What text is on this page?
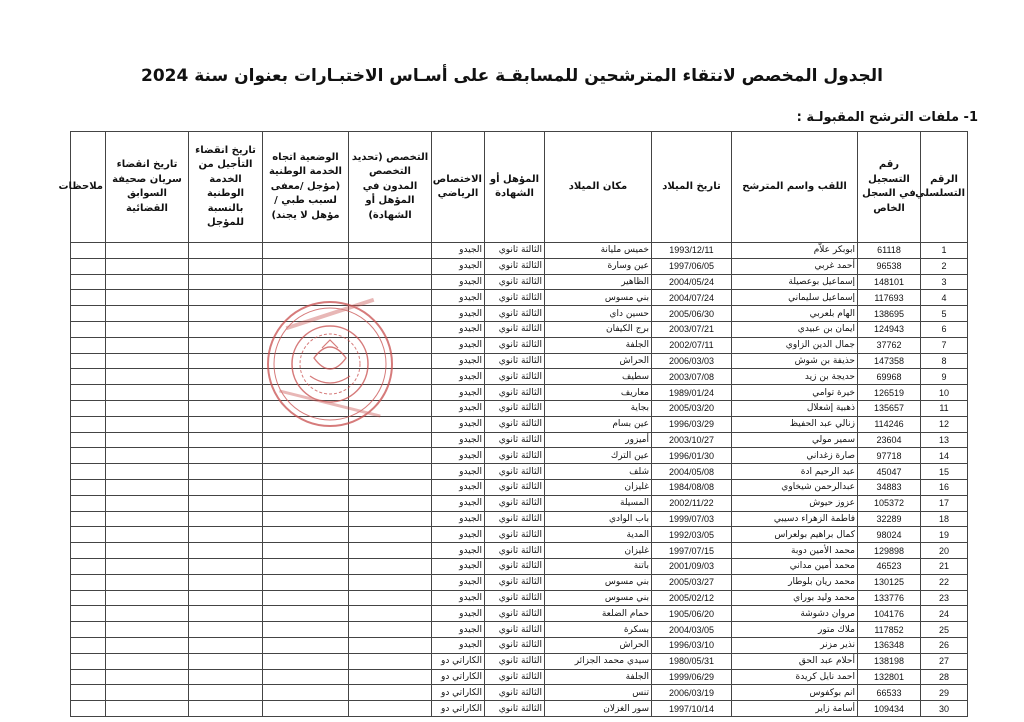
الجدول المخصص لانتقاء المترشحين للمسابقـة على أسـاس الاختبـارات بعنوان سنة 2024
1- ملفات الترشح المقبولـة :
الرقم التسلسلي	رقم التسجيل في السجل الخاص	اللقب واسم المترشح	تاريخ الميلاد	مكان الميلاد	المؤهل أو الشهادة	الاختصاص الرياضي	التخصص (تحديد التخصص المدون في المؤهل أو الشهادة)	الوضعية اتجاه الخدمة الوطنية (مؤجل /معفى لسبب طبي /مؤهل لا يجند)	تاريخ انقضاء التأجيل من الخدمة الوطنية بالنسبة للمؤجل	تاريخ انقضاء سريان صحيفة السوابق القضائية	ملاحظات
1	61118	ابوبكر علاّم	1993/12/11	خميس مليانة	الثالثة ثانوي	الجيدو					
2	96538	أحمد غربي	1997/06/05	عين وسارة	الثالثة ثانوي	الجيدو					
3	148101	إسماعيل بوعصيلة	2004/05/24	الظاهير	الثالثة ثانوي	الجيدو					
4	117693	إسماعيل سليماني	2004/07/24	بني مسوس	الثالثة ثانوي	الجيدو					
5	138695	الهام بلعربي	2005/06/30	حسين داي	الثالثة ثانوي	الجيدو					
6	124943	ايمان بن عبيدي	2003/07/21	برج الكيفان	الثالثة ثانوي	الجيدو					
7	37762	جمال الدين الزاوي	2002/07/11	الجلفة	الثالثة ثانوي	الجيدو					
8	147358	حذيفة بن شوش	2006/03/03	الحراش	الثالثة ثانوي	الجيدو					
9	69968	حديجة بن زيد	2003/07/08	سطيف	الثالثة ثانوي	الجيدو					
10	126519	خيرة توامي	1989/01/24	معاريف	الثالثة ثانوي	الجيدو					
11	135657	ذهبية إشعلال	2005/03/20	بجاية	الثالثة ثانوي	الجيدو					
12	114246	زنالي عبد الحفيظ	1996/03/29	عين بسام	الثالثة ثانوي	الجيدو					
13	23604	سمير مولي	2003/10/27	أميزور	الثالثة ثانوي	الجيدو					
14	97718	صارة زغداني	1996/01/30	عين الترك	الثالثة ثانوي	الجيدو					
15	45047	عبد الرحيم ادة	2004/05/08	شلف	الثالثة ثانوي	الجيدو					
16	34883	عبدالرحمن شيخاوي	1984/08/08	غليزان	الثالثة ثانوي	الجيدو					
17	105372	عزوز حيوش	2002/11/22	المسيلة	الثالثة ثانوي	الجيدو					
18	32289	فاطمة الزهراء دسيبي	1999/07/03	باب الوادي	الثالثة ثانوي	الجيدو					
19	98024	كمال براهيم بولعراس	1992/03/05	المدية	الثالثة ثانوي	الجيدو					
20	129898	محمد الأمين دوبة	1997/07/15	غليزان	الثالثة ثانوي	الجيدو					
21	46523	محمد أمين مداني	2001/09/03	باتنة	الثالثة ثانوي	الجيدو					
22	130125	محمد ريان بلوطار	2005/03/27	بني مسوس	الثالثة ثانوي	الجيدو					
23	133776	محمد وليد بوراي	2005/02/12	بني مسوس	الثالثة ثانوي	الجيدو					
24	104176	مروان دشوشة	1905/06/20	حمام الضلعة	الثالثة ثانوي	الجيدو					
25	117852	ملاك متور	2004/03/05	بسكرة	الثالثة ثانوي	الجيدو					
26	136348	نذير مزنر	1996/03/10	الحراش	الثالثة ثانوي	الجيدو					
27	138198	أحلام عبد الحق	1980/05/31	سيدي محمد الجزائر	الثالثة ثانوي	الكاراتي دو					
28	132801	احمد نايل كريدة	1999/06/29	الجلفة	الثالثة ثانوي	الكاراتي دو					
29	66533	انم بوكفوس	2006/03/19	تنس	الثالثة ثانوي	الكاراتي دو					
30	109434	أسامة زاير	1997/10/14	سور الغزلان	الثالثة ثانوي	الكاراتي دو					
